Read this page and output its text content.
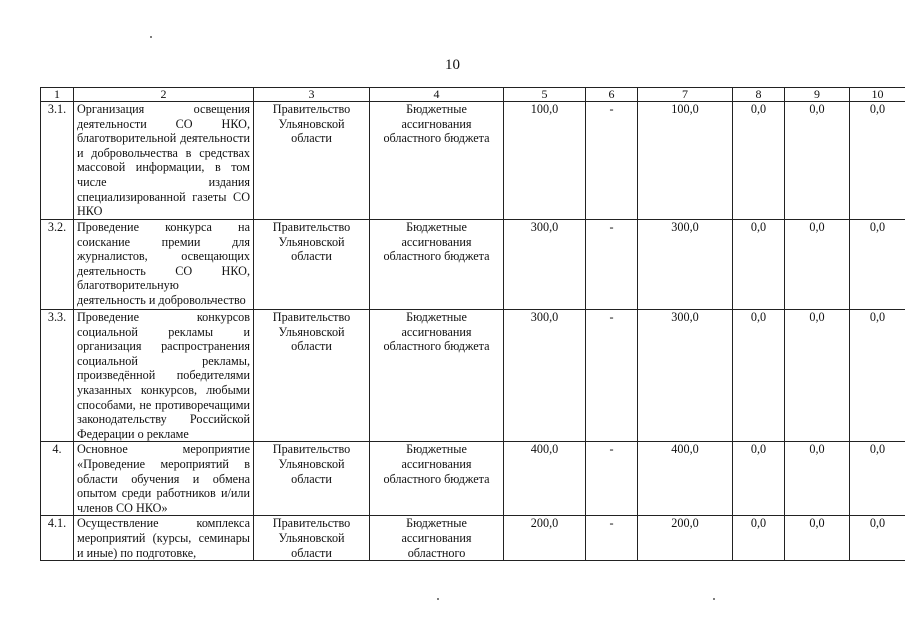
10
1	2	3	4	5	6	7	8	9	10
3.1.	Организация освещения деятельности СО НКО, благотворительной деятельности и добровольчества в средствах массовой информации, в том числе издания специализированной газеты СО НКО	Правительство Ульяновской области	Бюджетные ассигнования областного бюджета	100,0	-	100,0	0,0	0,0	0,0
3.2.	Проведение конкурса на соискание премии для журналистов, освещающих деятельность СО НКО, благотворительную деятельность и добровольчество	Правительство Ульяновской области	Бюджетные ассигнования областного бюджета	300,0	-	300,0	0,0	0,0	0,0
3.3.	Проведение конкурсов социальной рекламы и организация распространения социальной рекламы, произведённой победителями указанных конкурсов, любыми способами, не противоречащими законодательству Российской Федерации о рекламе	Правительство Ульяновской области	Бюджетные ассигнования областного бюджета	300,0	-	300,0	0,0	0,0	0,0
4.	Основное мероприятие «Проведение мероприятий в области обучения и обмена опытом среди работников и/или членов СО НКО»	Правительство Ульяновской области	Бюджетные ассигнования областного бюджета	400,0	-	400,0	0,0	0,0	0,0
4.1.	Осуществление комплекса мероприятий (курсы, семинары и иные) по подготовке,	Правительство Ульяновской области	Бюджетные ассигнования областного	200,0	-	200,0	0,0	0,0	0,0
